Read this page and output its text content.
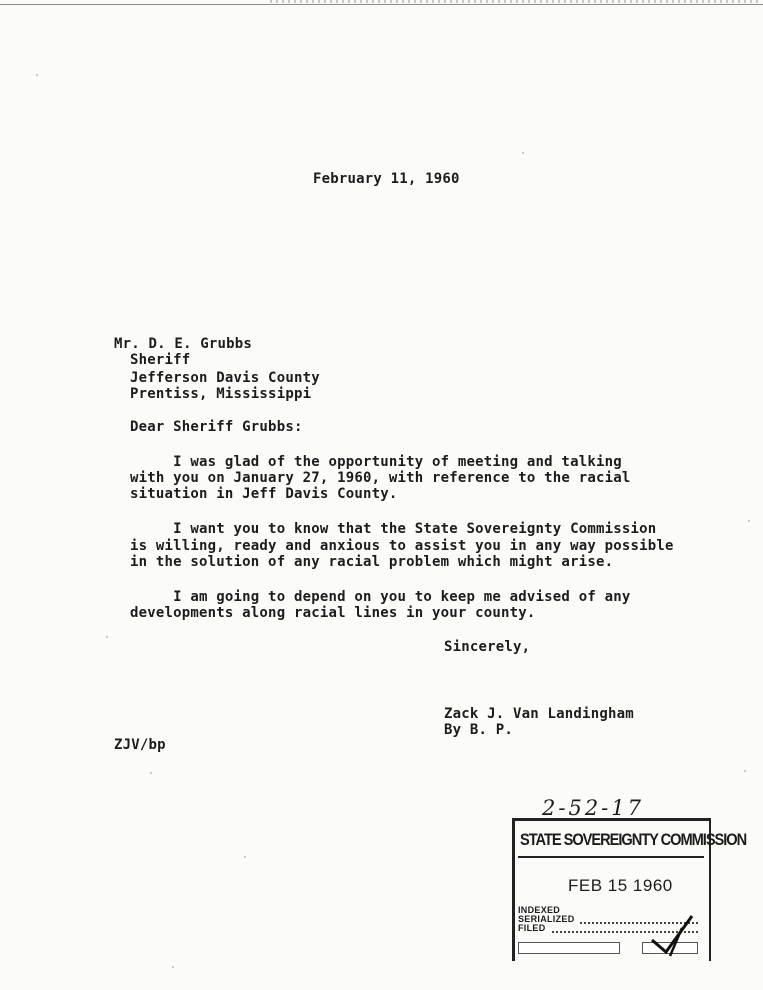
February 11, 1960
Mr. D. E. Grubbs
Sheriff
Jefferson Davis County
Prentiss, Mississippi
Dear Sheriff Grubbs:
I was glad of the opportunity of meeting and talking
with you on January 27, 1960, with reference to the racial
situation in Jeff Davis County.
I want you to know that the State Sovereignty Commission
is willing, ready and anxious to assist you in any way possible
in the solution of any racial problem which might arise.
I am going to depend on you to keep me advised of any
developments along racial lines in your county.
Sincerely,
Zack J. Van Landingham
By B. P.
ZJV/bp
2-52-17
STATE SOVEREIGNTY COMMISSION
FEB 15 1960
INDEXED
SERIALIZED
FILED
